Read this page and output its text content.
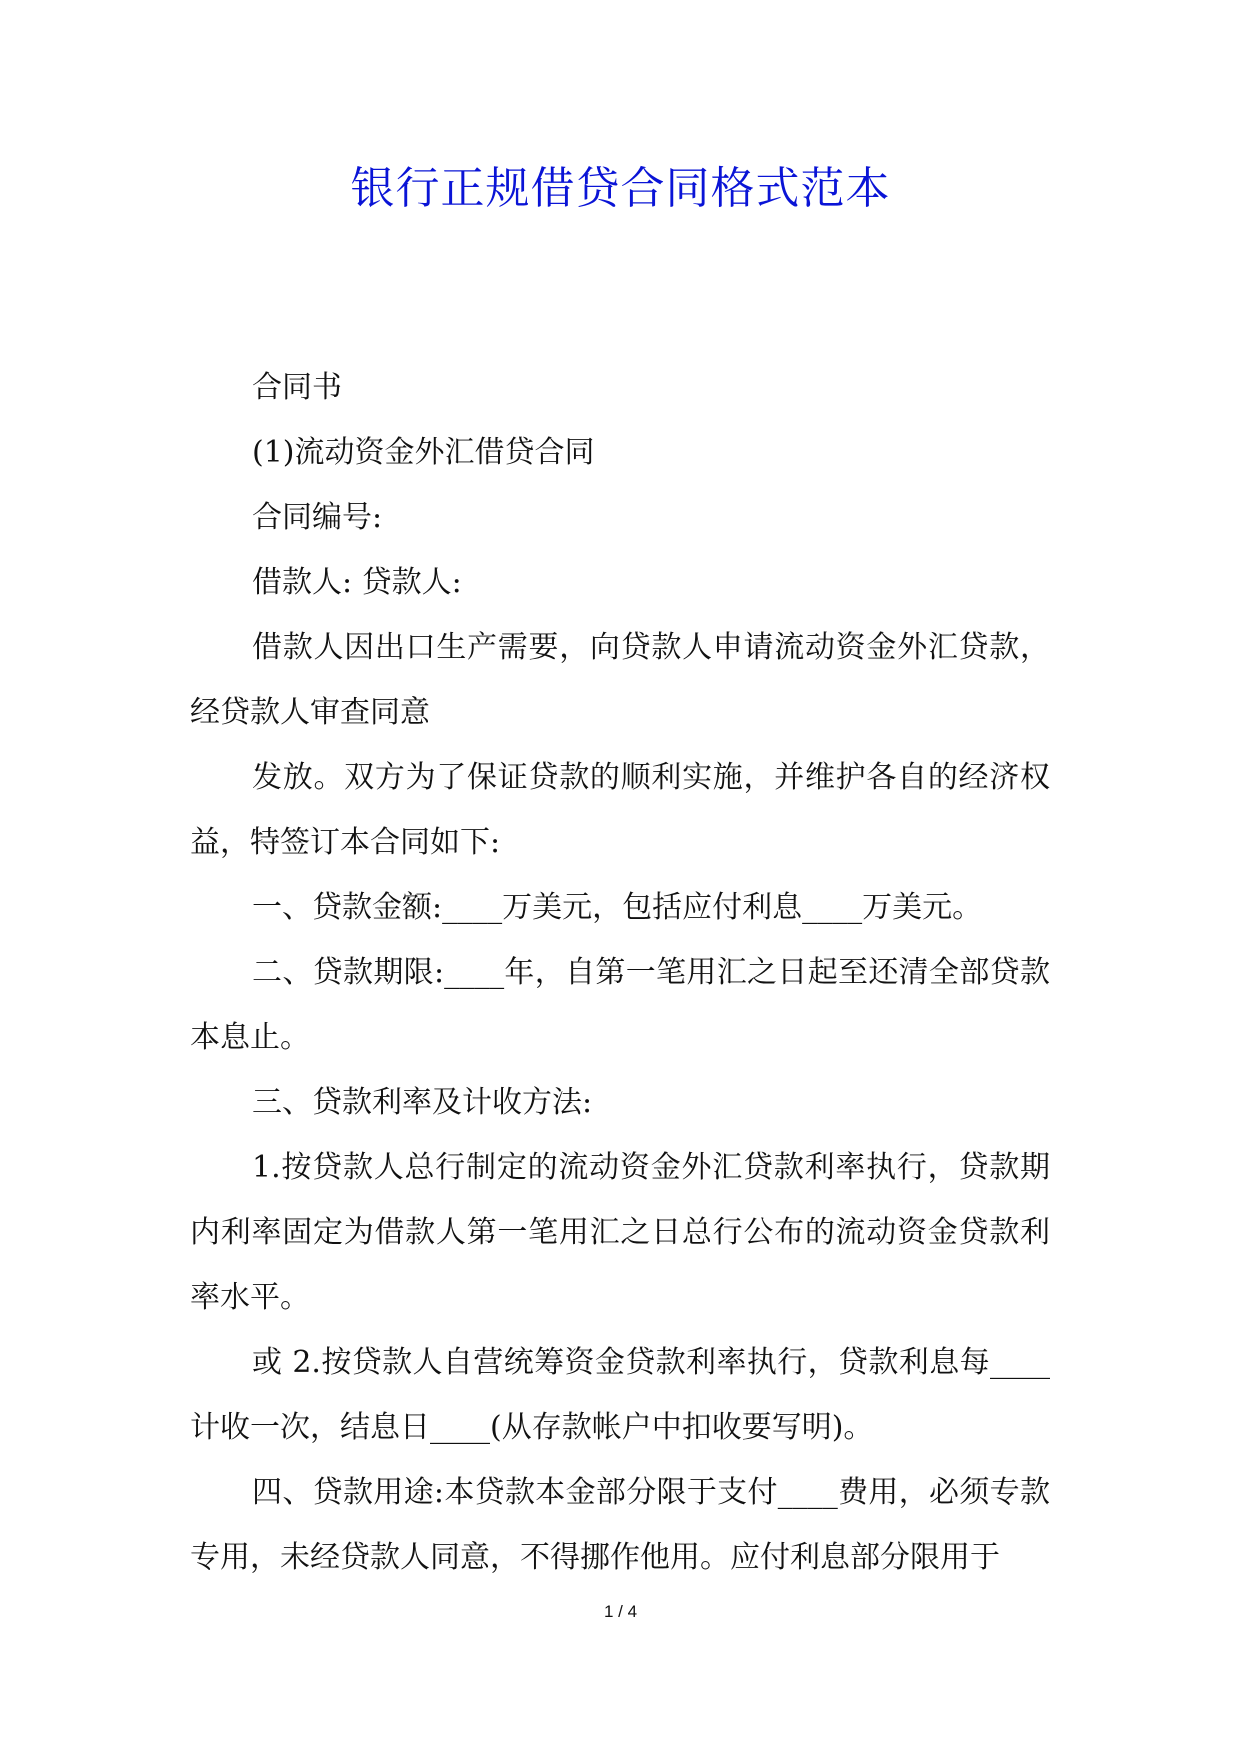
银行正规借贷合同格式范本

合同书

(1)流动资金外汇借贷合同

合同编号:

借款人: 贷款人:

借款人因出口生产需要，向贷款人申请流动资金外汇贷款，经贷款人审查同意

发放。双方为了保证贷款的顺利实施，并维护各自的经济权益，特签订本合同如下:

一、贷款金额:____万美元，包括应付利息____万美元。

二、贷款期限:____年，自第一笔用汇之日起至还清全部贷款本息止。

三、贷款利率及计收方法:

1.按贷款人总行制定的流动资金外汇贷款利率执行，贷款期内利率固定为借款人第一笔用汇之日总行公布的流动资金贷款利率水平。

或 2.按贷款人自营统筹资金贷款利率执行，贷款利息每____计收一次，结息日____(从存款帐户中扣收要写明)。

四、贷款用途:本贷款本金部分限于支付____费用，必须专款专用，未经贷款人同意，不得挪作他用。应付利息部分限用于

1 / 4
